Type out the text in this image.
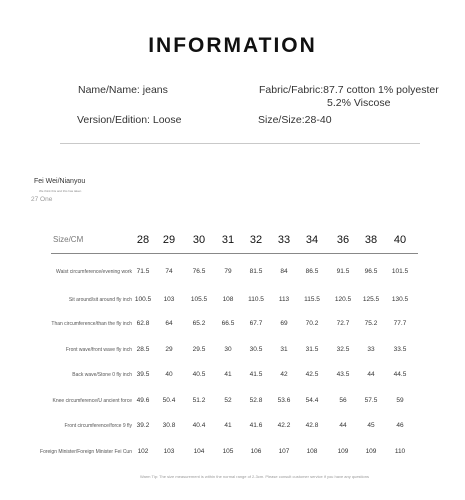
INFORMATION
Name/Name: jeans	Fabric/Fabric:87.7 cotton 1% polyester
5.2% Viscose
Version/Edition: Loose	Size/Size:28-40
Fei Wei/Nianyou
We think this and this has taken
27 One
Size/CM	28	29	30	31	32	33	34	36	38	40
Waist circumference/evening work 71.5	74	76.5	79	81.5	84	86.5	91.5	96.5	101.5
Sit around/sit around fly inch 100.5	103	105.5	108	110.5	113	115.5	120.5	125.5	130.5
Than circumference/than the fly inch 62.8	64	65.2	66.5	67.7	69	70.2	72.7	75.2	77.7
Front wave/front wave fly inch 28.5	29	29.5	30	30.5	31	31.5	32.5	33	33.5
Back wave/Stone 0 fly inch 39.5	40	40.5	41	41.5	42	42.5	43.5	44	44.5
Knee circumference/U ancient force 49.6	50.4	51.2	52	52.8	53.6	54.4	56	57.5	59
Front circumference/force 9 fly 39.2	30.8	40.4	41	41.6	42.2	42.8	44	45	46
Foreign Minister/Foreign Minister Fei Cun 102	103	104	105	106	107	108	109	109	110
Warm Tip: The size measurement is within the normal range of 2-3cm. Please consult customer service if you have any questions
